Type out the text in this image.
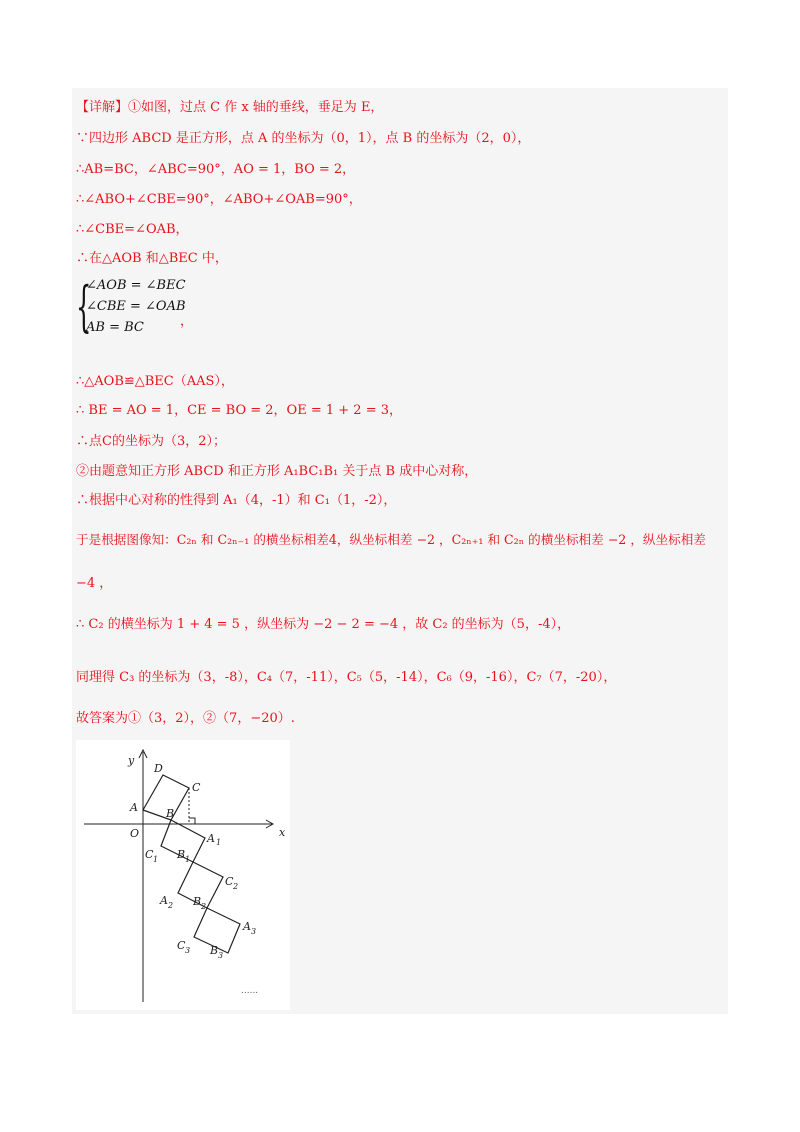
【详解】①如图，过点 C 作 x 轴的垂线，垂足为 E，
∵四边形 ABCD 是正方形，点 A 的坐标为（0，1），点 B 的坐标为（2，0），
∴AB=BC，∠ABC=90°，AO = 1，BO = 2，
∴∠ABO+∠CBE=90°，∠ABO+∠OAB=90°，
∴∠CBE=∠OAB，
∴在△AOB 和△BEC 中，
{
∠AOB = ∠BEC
∠CBE = ∠OAB
AB = BC	，
∴△AOB≌△BEC（AAS），
∴ BE = AO = 1，CE = BO = 2，OE = 1 + 2 = 3，
∴点C的坐标为（3，2）；
②由题意知正方形 ABCD 和正方形 A₁BC₁B₁ 关于点 B 成中心对称，
∴根据中心对称的性得到 A₁（4，-1）和 C₁（1，-2），
于是根据图像知：C₂ₙ 和 C₂ₙ₋₁ 的横坐标相差4，纵坐标相差 −2 ，C₂ₙ₊₁ 和 C₂ₙ 的横坐标相差 −2 ，纵坐标相差
−4 ，
∴ C₂ 的横坐标为 1 + 4 = 5 ，纵坐标为 −2 − 2 = −4 ，故 C₂ 的坐标为（5，-4），
同理得 C₃ 的坐标为（3，-8），C₄（7，-11），C₅（5，-14），C₆（9，-16），C₇（7，-20），
故答案为①（3，2），②（7，−20）.
x
y
O
D
C
A	B
A 1
C 1 B 1
C 2
A 2 B 2
A 3
C 3 B 3
......
